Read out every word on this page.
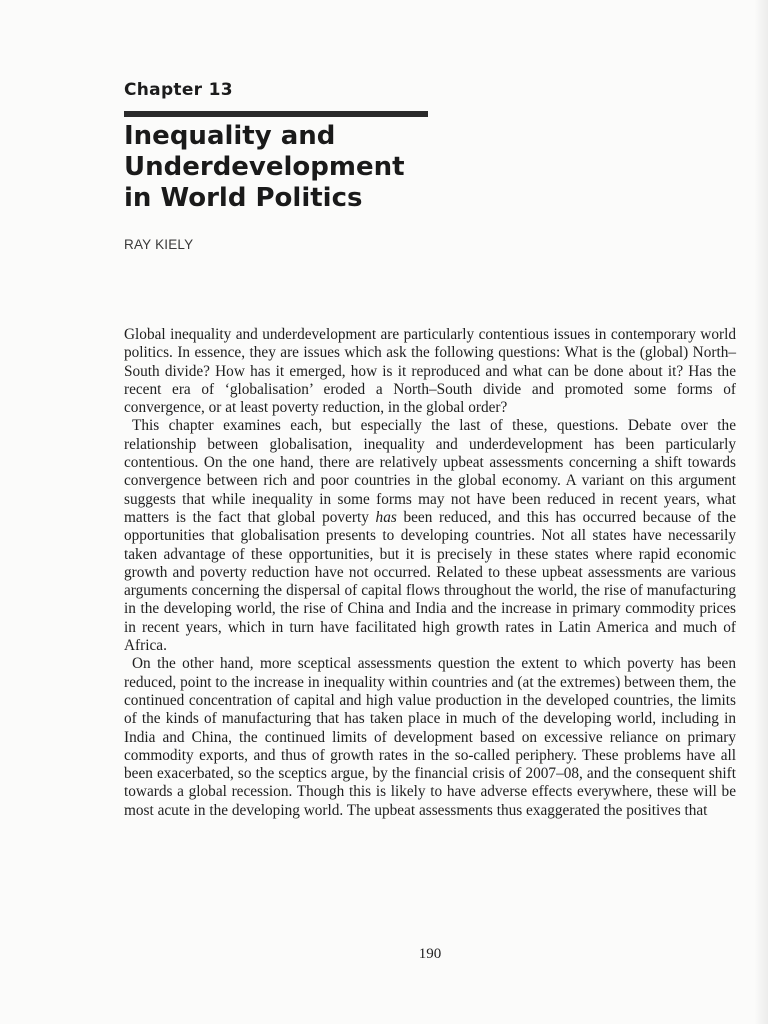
Chapter 13
Inequality and
Underdevelopment
in World Politics
RAY KIELY

Global inequality and underdevelopment are particularly contentious issues in contemporary world politics. In essence, they are issues which ask the following questions: What is the (global) North–South divide? How has it emerged, how is it reproduced and what can be done about it? Has the recent era of ‘globalisation’ eroded a North–South divide and promoted some forms of convergence, or at least poverty reduction, in the global order?

This chapter examines each, but especially the last of these, questions. Debate over the relationship between globalisation, inequality and underdevelopment has been particularly contentious. On the one hand, there are relatively upbeat assessments concerning a shift towards convergence between rich and poor countries in the global economy. A variant on this argument suggests that while inequality in some forms may not have been reduced in recent years, what matters is the fact that global poverty has been reduced, and this has occurred because of the opportunities that globalisation presents to developing countries. Not all states have necessarily taken advantage of these opportunities, but it is precisely in these states where rapid economic growth and poverty reduction have not occurred. Related to these upbeat assessments are various arguments concerning the dispersal of capital flows throughout the world, the rise of manufacturing in the developing world, the rise of China and India and the increase in primary commodity prices in recent years, which in turn have facilitated high growth rates in Latin America and much of Africa.

On the other hand, more sceptical assessments question the extent to which poverty has been reduced, point to the increase in inequality within countries and (at the extremes) between them, the continued concentration of capital and high value production in the developed countries, the limits of the kinds of manufacturing that has taken place in much of the developing world, including in India and China, the continued limits of development based on excessive reliance on primary commodity exports, and thus of growth rates in the so-called periphery. These problems have all been exacerbated, so the sceptics argue, by the financial crisis of 2007–08, and the consequent shift towards a global recession. Though this is likely to have adverse effects everywhere, these will be most acute in the developing world. The upbeat assessments thus exaggerated the positives that

190
